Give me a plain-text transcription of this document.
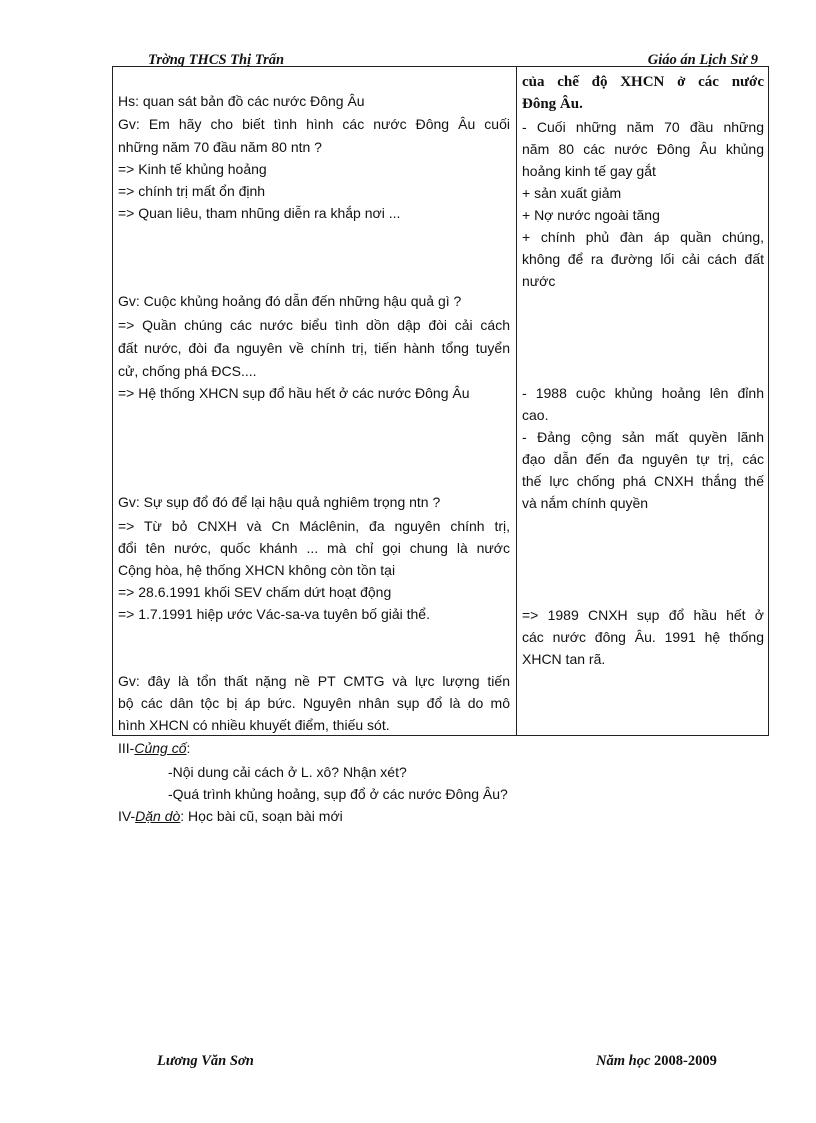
Trờng THCS Thị Trấn	Giáo án Lịch Sử 9
Hs: quan sát bản đồ các nước Đông Âu
Gv: Em hãy cho biết tình hình các nước Đông Âu cuối
những năm 70 đầu năm 80 ntn ?
=> Kinh tế khủng hoảng
=> chính trị mất ổn định
=> Quan liêu, tham nhũng diễn ra khắp nơi ...
Gv: Cuộc khủng hoảng đó dẫn đến những hậu quả gì ?
=> Quần chúng các nước biểu tình dồn dập đòi cải cách
đất nước, đòi đa nguyên về chính trị, tiến hành tổng tuyển
cử, chống phá ĐCS....
=> Hệ thống XHCN sụp đổ hầu hết ở các nước Đông Âu
Gv: Sự sụp đổ đó để lại hậu quả nghiêm trọng ntn ?
=> Từ bỏ CNXH và Cn Máclênin, đa nguyên chính trị,
đổi tên nước, quốc khánh ... mà chỉ gọi chung là nước
Cộng hòa, hệ thống XHCN không còn tồn tại
=> 28.6.1991 khối SEV chấm dứt hoạt động
=> 1.7.1991 hiệp ước Vác-sa-va tuyên bố giải thể.
Gv: đây là tổn thất nặng nề PT CMTG và lực lượng tiến
bộ các dân tộc bị áp bức. Nguyên nhân sụp đổ là do mô
hình XHCN có nhiều khuyết điểm, thiếu sót.
của chế độ XHCN ở các nước
Đông Âu.
- Cuối những năm 70 đầu những
năm 80 các nước Đông Âu khủng
hoảng kinh tế gay gắt
+ sản xuất giảm
+ Nợ nước ngoài tăng
+ chính phủ đàn áp quần chúng,
không để ra đường lối cải cách đất
nước
- 1988 cuộc khủng hoảng lên đỉnh
cao.
- Đảng cộng sản mất quyền lãnh
đạo dẫn đến đa nguyên tự trị, các
thế lực chống phá CNXH thắng thế
và nắm chính quyền
=> 1989 CNXH sụp đổ hầu hết ở
các nước đông Âu. 1991 hệ thống
XHCN tan rã.
III-Củng cố:
-Nội dung cải cách ở L. xô? Nhận xét?
-Quá trình khủng hoảng, sụp đổ ở các nước Đông Âu?
IV-Dặn dò: Học bài cũ, soạn bài mới
Lương Văn Sơn	Năm học 2008-2009
